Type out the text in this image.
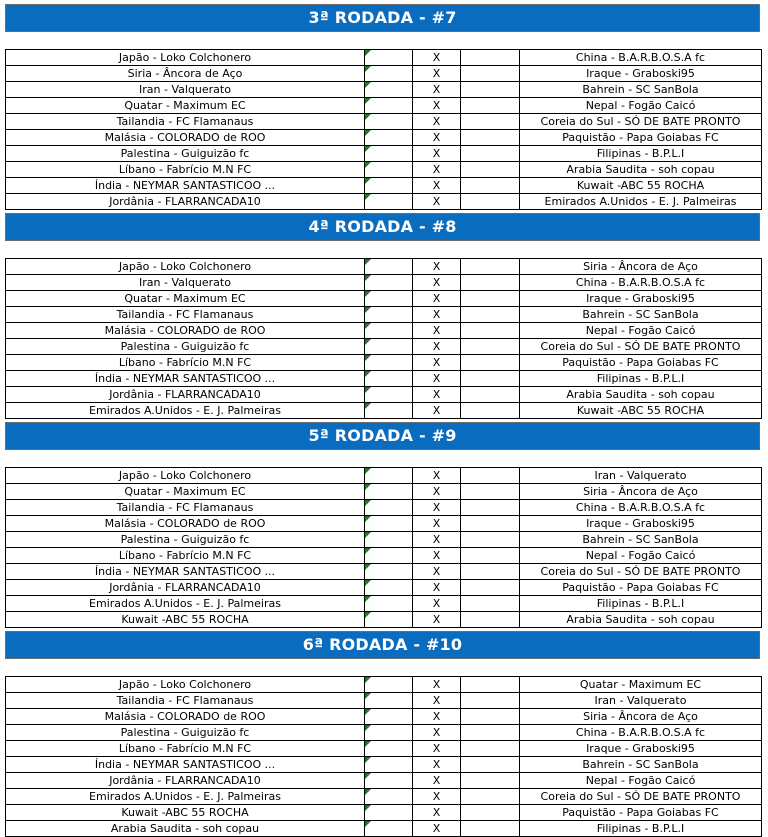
3ª RODADA - #7
Japão - Loko Colchonero		X		China - B.A.R.B.O.S.A fc
Siria - Âncora de Aço		X		Iraque - Graboski95
Iran - Valquerato		X		Bahrein - SC SanBola
Quatar - Maximum EC		X		Nepal - Fogão Caicó
Tailandia - FC Flamanaus		X		Coreia do Sul - SÓ DE BATE PRONTO
Malásia - COLORADO de ROO		X		Paquistão - Papa Goiabas FC
Palestina - Guiguizão fc		X		Filipinas - B.P.L.I
Líbano - Fabrício M.N FC		X		Arabia Saudita - soh copau
Índia - NEYMAR SANTASTICOO ...		X		Kuwait -ABC 55 ROCHA
Jordânia - FLARRANCADA10		X		Emirados A.Unidos - E. J. Palmeiras
4ª RODADA - #8
Japão - Loko Colchonero		X		Siria - Âncora de Aço
Iran - Valquerato		X		China - B.A.R.B.O.S.A fc
Quatar - Maximum EC		X		Iraque - Graboski95
Tailandia - FC Flamanaus		X		Bahrein - SC SanBola
Malásia - COLORADO de ROO		X		Nepal - Fogão Caicó
Palestina - Guiguizão fc		X		Coreia do Sul - SÓ DE BATE PRONTO
Líbano - Fabrício M.N FC		X		Paquistão - Papa Goiabas FC
Índia - NEYMAR SANTASTICOO ...		X		Filipinas - B.P.L.I
Jordânia - FLARRANCADA10		X		Arabia Saudita - soh copau
Emirados A.Unidos - E. J. Palmeiras		X		Kuwait -ABC 55 ROCHA
5ª RODADA - #9
Japão - Loko Colchonero		X		Iran - Valquerato
Quatar - Maximum EC		X		Siria - Âncora de Aço
Tailandia - FC Flamanaus		X		China - B.A.R.B.O.S.A fc
Malásia - COLORADO de ROO		X		Iraque - Graboski95
Palestina - Guiguizão fc		X		Bahrein - SC SanBola
Líbano - Fabrício M.N FC		X		Nepal - Fogão Caicó
Índia - NEYMAR SANTASTICOO ...		X		Coreia do Sul - SÓ DE BATE PRONTO
Jordânia - FLARRANCADA10		X		Paquistão - Papa Goiabas FC
Emirados A.Unidos - E. J. Palmeiras		X		Filipinas - B.P.L.I
Kuwait -ABC 55 ROCHA		X		Arabia Saudita - soh copau
6ª RODADA - #10
Japão - Loko Colchonero		X		Quatar - Maximum EC
Tailandia - FC Flamanaus		X		Iran - Valquerato
Malásia - COLORADO de ROO		X		Siria - Âncora de Aço
Palestina - Guiguizão fc		X		China - B.A.R.B.O.S.A fc
Líbano - Fabrício M.N FC		X		Iraque - Graboski95
Índia - NEYMAR SANTASTICOO ...		X		Bahrein - SC SanBola
Jordânia - FLARRANCADA10		X		Nepal - Fogão Caicó
Emirados A.Unidos - E. J. Palmeiras		X		Coreia do Sul - SÓ DE BATE PRONTO
Kuwait -ABC 55 ROCHA		X		Paquistão - Papa Goiabas FC
Arabia Saudita - soh copau		X		Filipinas - B.P.L.I
